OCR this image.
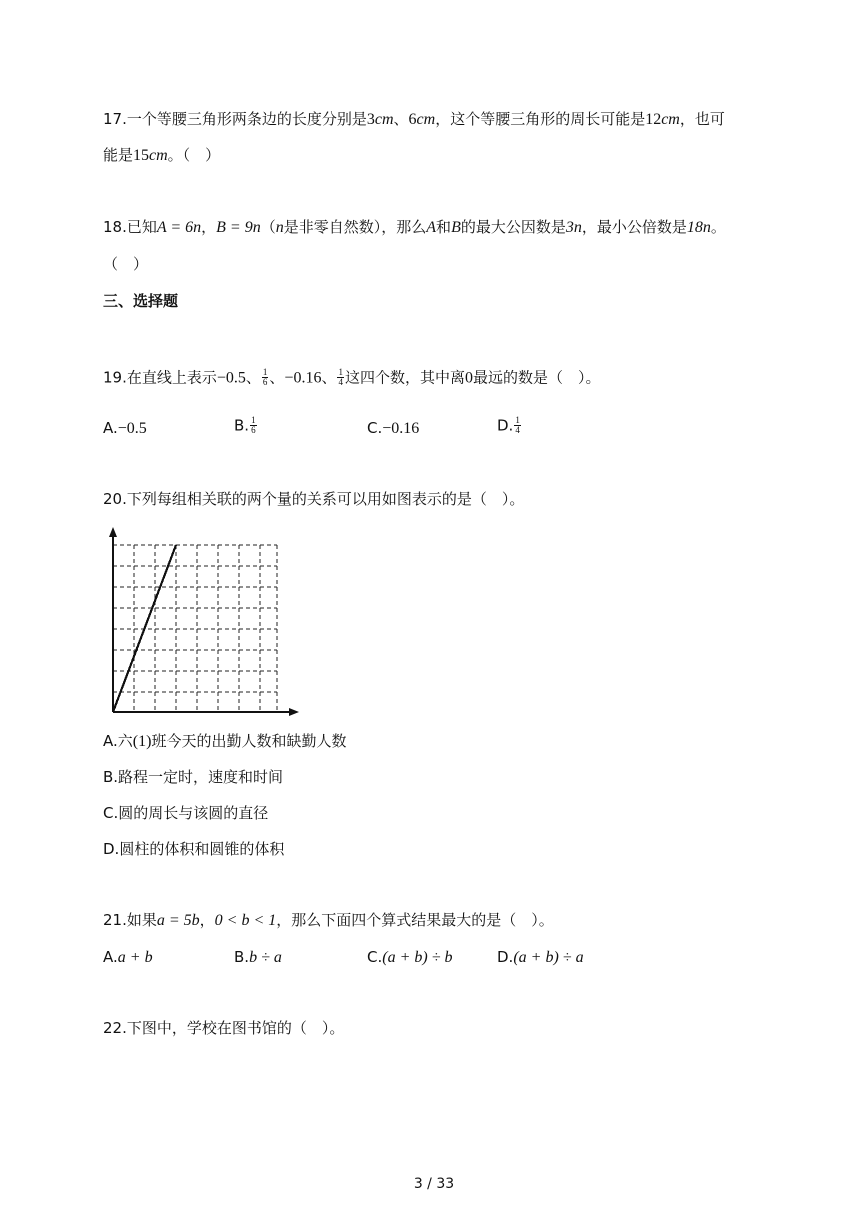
17.一个等腰三角形两条边的长度分别是3cm、6cm，这个等腰三角形的周长可能是12cm，也可
能是15cm。（　）
18.已知A = 6n，B = 9n（n是非零自然数），那么A和B的最大公因数是3n，最小公倍数是18n。
（　）
三、选择题
19.在直线上表示−0.5、 $\frac{1}{6}$ 、−0.16、 $\frac{1}{4}$ 这四个数，其中离0最远的数是（　）。
A.−0.5	B. $\frac{1}{6}$	C.−0.16	D. $\frac{1}{4}$
20.下列每组相关联的两个量的关系可以用如图表示的是（　）。
A.六(1)班今天的出勤人数和缺勤人数
B.路程一定时，速度和时间
C.圆的周长与该圆的直径
D.圆柱的体积和圆锥的体积
21.如果a = 5b，0 < b < 1，那么下面四个算式结果最大的是（　）。
A.a + b	B.b ÷ a	C.(a + b) ÷ b	D.(a + b) ÷ a
22.下图中，学校在图书馆的（　）。
3 / 33
